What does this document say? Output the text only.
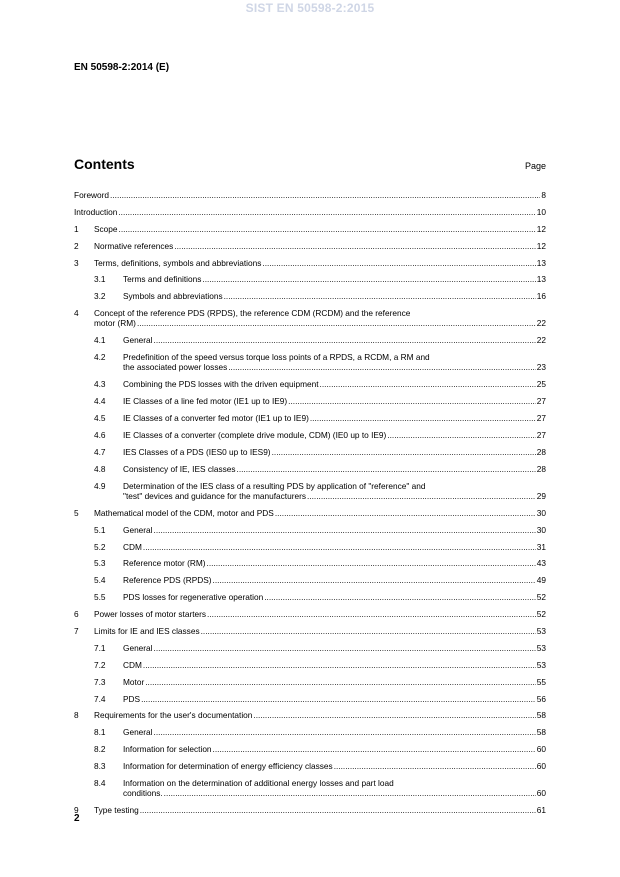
SIST EN 50598-2:2015
EN 50598-2:2014 (E)
Contents	Page
Foreword .....	8
Introduction .....	10
1 Scope .....	12
2 Normative references .....	12
3 Terms, definitions, symbols and abbreviations .....	13
3.1 Terms and definitions .....	13
3.2 Symbols and abbreviations .....	16
4 Concept of the reference PDS (RPDS), the reference CDM (RCDM) and the reference
motor (RM) .....	22
4.1 General .....	22
4.2 Predefinition of the speed versus torque loss points of a RPDS, a RCDM, a RM and
the associated power losses .....	23
4.3 Combining the PDS losses with the driven equipment .....	25
4.4 IE Classes of a line fed motor (IE1 up to IE9) .....	27
4.5 IE Classes of a converter fed motor (IE1 up to IE9) .....	27
4.6 IE Classes of a converter (complete drive module, CDM) (IE0 up to IE9) .....	27
4.7 IES Classes of a PDS (IES0 up to IES9) .....	28
4.8 Consistency of IE, IES classes .....	28
4.9 Determination of the IES class of a resulting PDS by application of "reference" and
"test" devices and guidance for the manufacturers .....	29
5 Mathematical model of the CDM, motor and PDS .....	30
5.1 General .....	30
5.2 CDM .....	31
5.3 Reference motor (RM) .....	43
5.4 Reference PDS (RPDS) .....	49
5.5 PDS losses for regenerative operation .....	52
6 Power losses of motor starters .....	52
7 Limits for IE and IES classes .....	53
7.1 General .....	53
7.2 CDM .....	53
7.3 Motor .....	55
7.4 PDS .....	56
8 Requirements for the user's documentation .....	58
8.1 General .....	58
8.2 Information for selection .....	60
8.3 Information for determination of energy efficiency classes .....	60
8.4 Information on the determination of additional energy losses and part load
conditions. .....	60
9 Type testing .....	61
2
